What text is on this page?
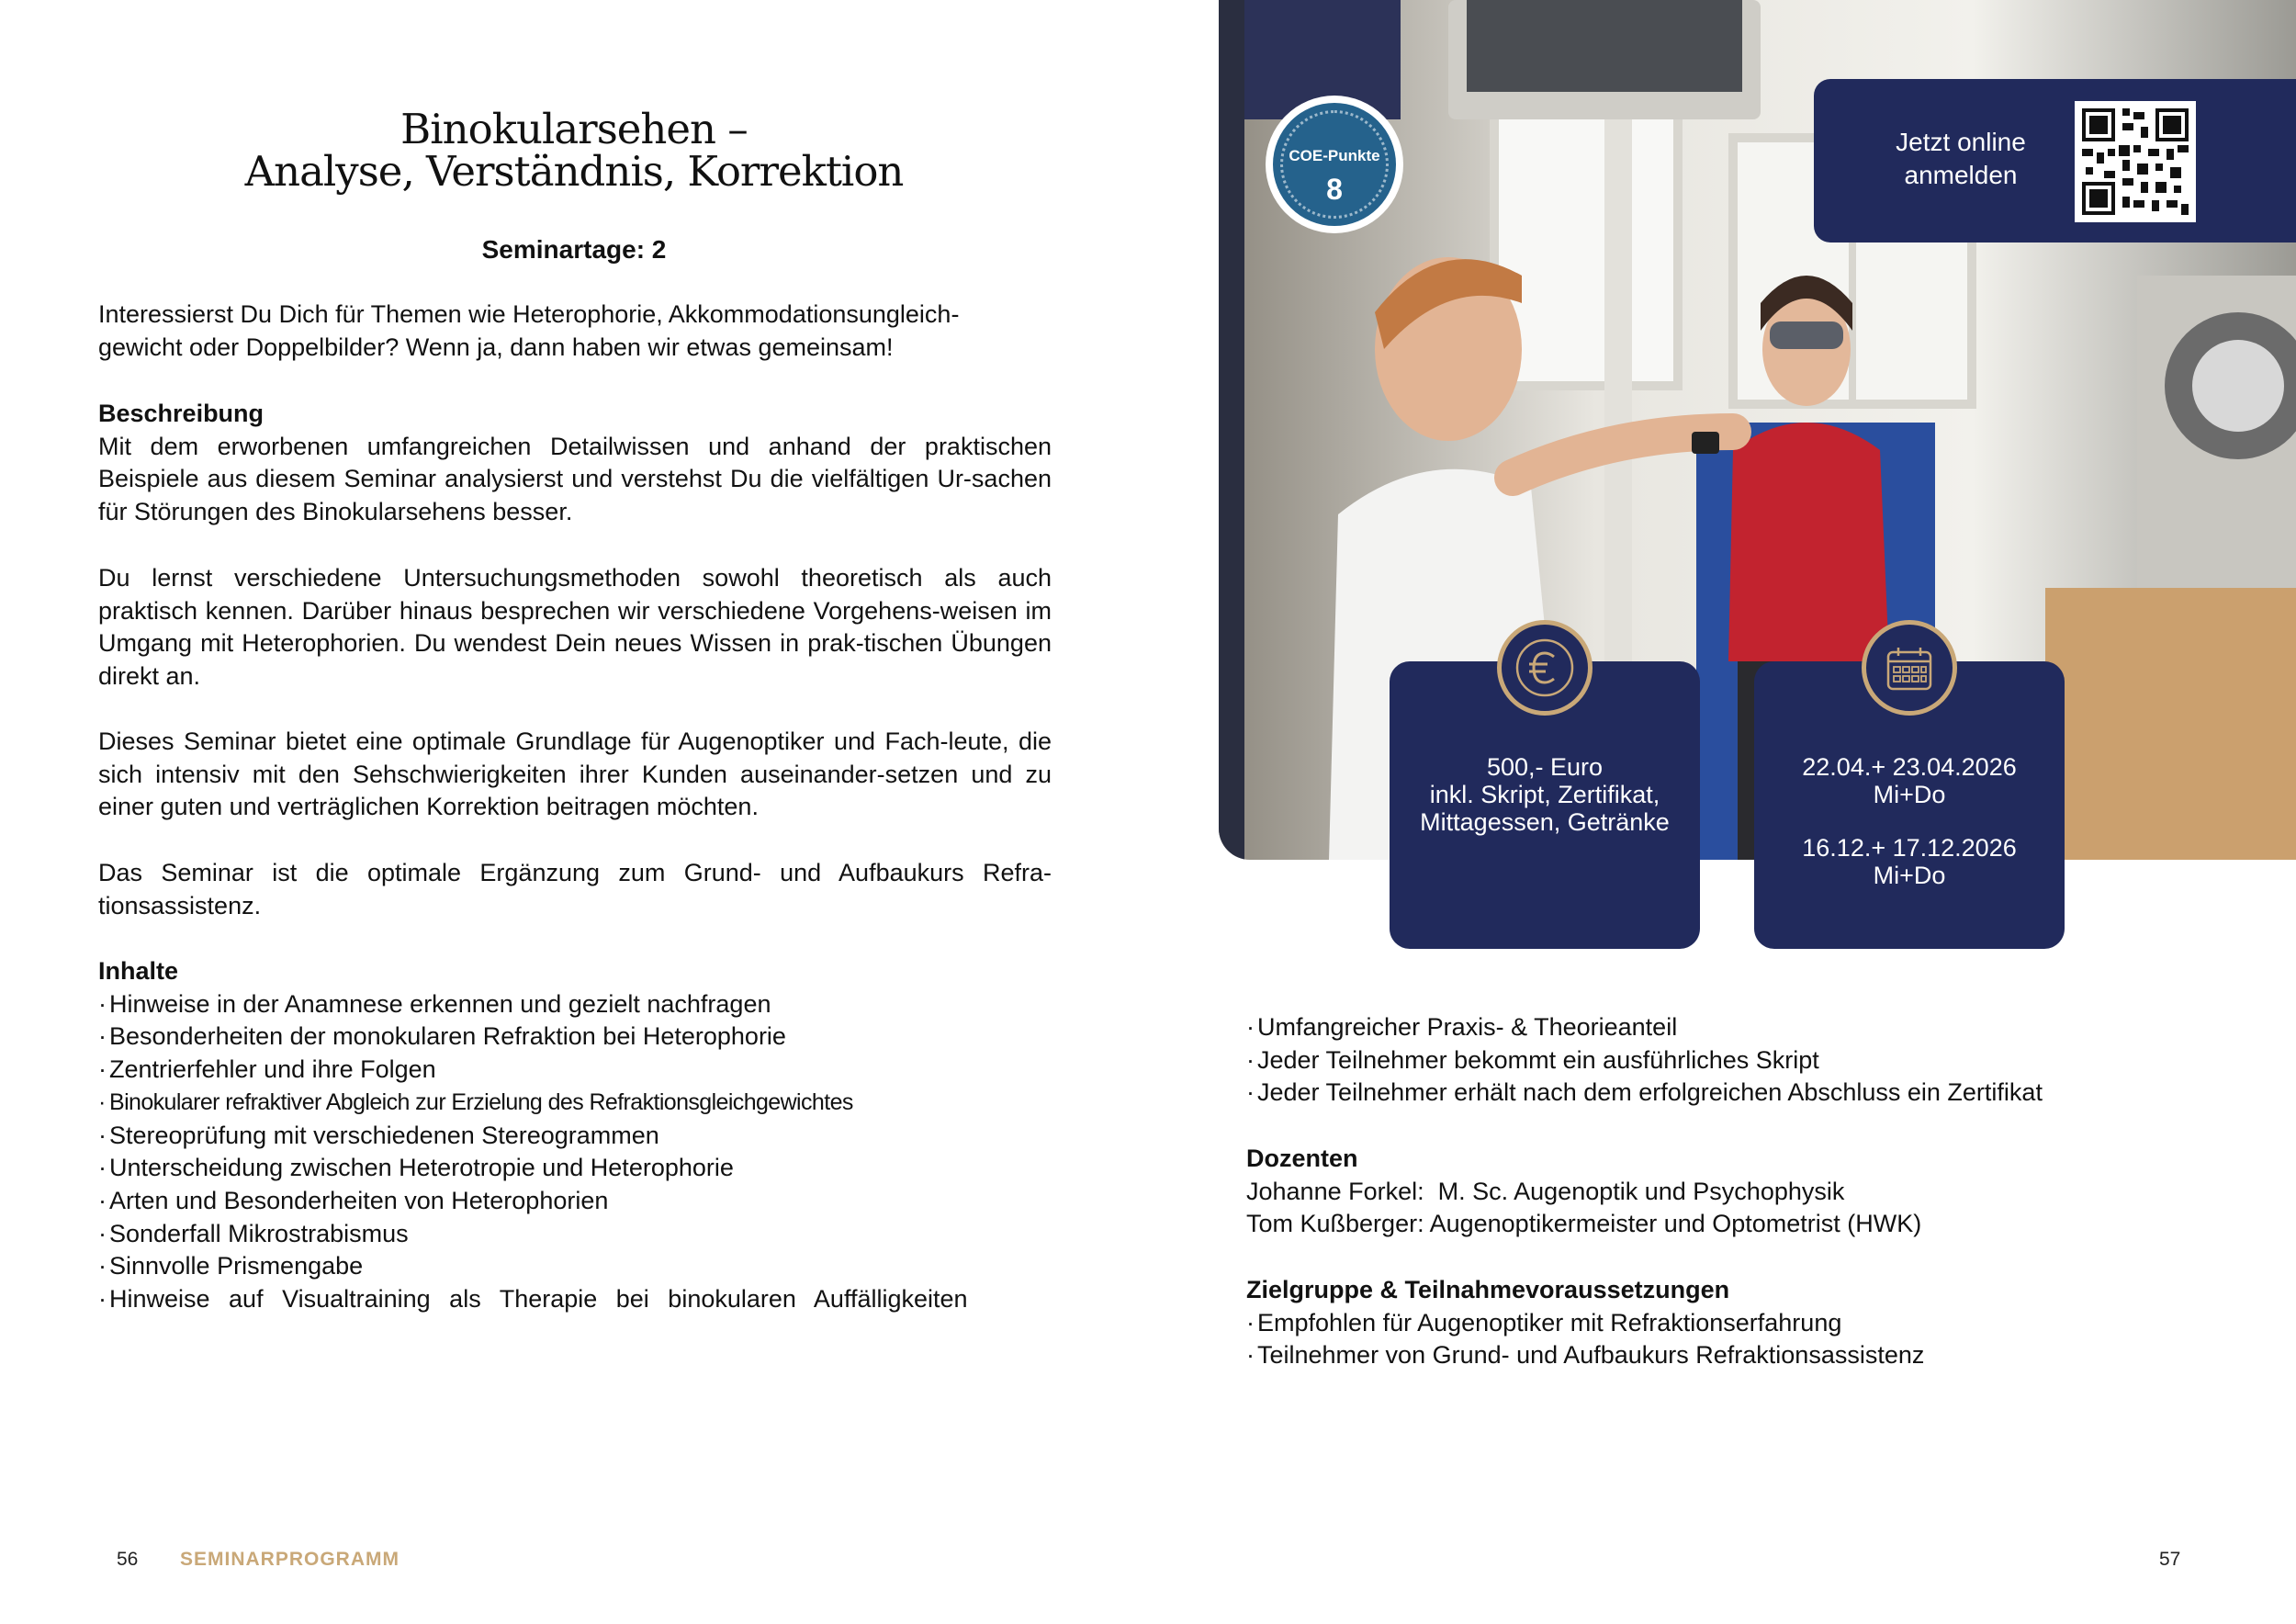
Binokularsehen –
Analyse, Verständnis, Korrektion
Seminartage: 2
Interessierst Du Dich für Themen wie Heterophorie, Akkommodationsungleich-
gewicht oder Doppelbilder? Wenn ja, dann haben wir etwas gemeinsam!
Beschreibung

Mit dem erworbenen umfangreichen Detailwissen und anhand der praktischen Beispiele aus diesem Seminar analysierst und verstehst Du die vielfältigen Ur-sachen für Störungen des Binokularsehens besser.

Du lernst verschiedene Untersuchungsmethoden sowohl theoretisch als auch praktisch kennen. Darüber hinaus besprechen wir verschiedene Vorgehens-weisen im Umgang mit Heterophorien. Du wendest Dein neues Wissen in prak-tischen Übungen direkt an.

Dieses Seminar bietet eine optimale Grundlage für Augenoptiker und Fach-leute, die sich intensiv mit den Sehschwierigkeiten ihrer Kunden auseinander-setzen und zu einer guten und verträglichen Korrektion beitragen möchten.

Das Seminar ist die optimale Ergänzung zum Grund- und Aufbaukurs Refra-tionsassistenz.

Inhalte
· Hinweise in der Anamnese erkennen und gezielt nachfragen
· Besonderheiten der monokularen Refraktion bei Heterophorie
· Zentrierfehler und ihre Folgen
· Binokularer refraktiver Abgleich zur Erzielung des Refraktionsgleichgewichtes
· Stereoprüfung mit verschiedenen Stereogrammen
· Unterscheidung zwischen Heterotropie und Heterophorie
· Arten und Besonderheiten von Heterophorien
· Sonderfall Mikrostrabismus
· Sinnvolle Prismengabe
· Hinweise auf Visualtraining als Therapie bei binokularen Auffälligkeiten
56 SEMINARPROGRAMM
COE-Punkte
8
Jetzt online
anmelden
500,- Euro
inkl. Skript, Zertifikat,
Mittagessen, Getränke
22.04.+ 23.04.2026
Mi+Do
16.12.+ 17.12.2026
Mi+Do
· Umfangreicher Praxis- & Theorieanteil
· Jeder Teilnehmer bekommt ein ausführliches Skript
· Jeder Teilnehmer erhält nach dem erfolgreichen Abschluss ein Zertifikat
Dozenten
Johanne Forkel:  M. Sc. Augenoptik und Psychophysik
Tom Kußberger: Augenoptikermeister und Optometrist (HWK)
Zielgruppe & Teilnahmevoraussetzungen
· Empfohlen für Augenoptiker mit Refraktionserfahrung
· Teilnehmer von Grund- und Aufbaukurs Refraktionsassistenz
57
